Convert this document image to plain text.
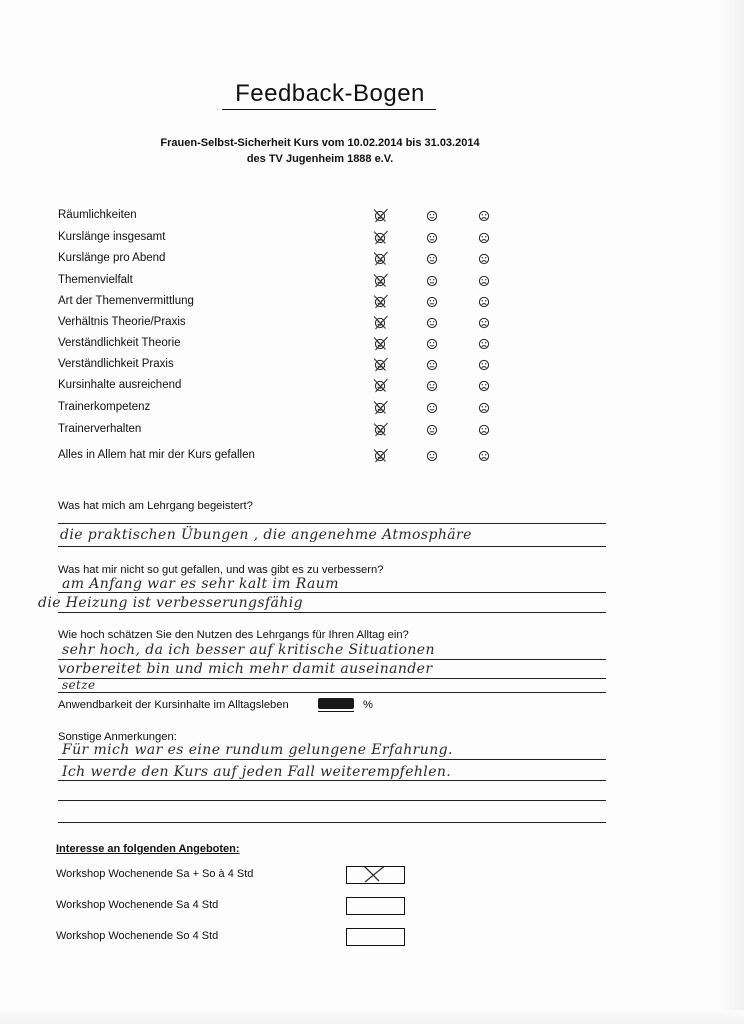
Feedback-Bogen
Frauen-Selbst-Sicherheit Kurs vom 10.02.2014 bis 31.03.2014
des TV Jugenheim 1888 e.V.
Räumlichkeiten
Kurslänge insgesamt
Kurslänge pro Abend
Themenvielfalt
Art der Themenvermittlung
Verhältnis Theorie/Praxis
Verständlichkeit Theorie
Verständlichkeit Praxis
Kursinhalte ausreichend
Trainerkompetenz
Trainerverhalten
Alles in Allem hat mir der Kurs gefallen
Was hat mich am Lehrgang begeistert?
die praktischen Übungen , die angenehme Atmosphäre
Was hat mir nicht so gut gefallen, und was gibt es zu verbessern?
am Anfang war es sehr kalt im Raum
die Heizung ist verbesserungsfähig
Wie hoch schätzen Sie den Nutzen des Lehrgangs für Ihren Alltag ein?
sehr hoch, da ich besser auf kritische Situationen
vorbereitet bin und mich mehr damit auseinander
setze
Anwendbarkeit der Kursinhalte im Alltagsleben	%
Sonstige Anmerkungen:
Für mich war es eine rundum gelungene Erfahrung.
Ich werde den Kurs auf jeden Fall weiterempfehlen.
Interesse an folgenden Angeboten:
Workshop Wochenende Sa + So à 4 Std
Workshop Wochenende Sa 4 Std
Workshop Wochenende So 4 Std
